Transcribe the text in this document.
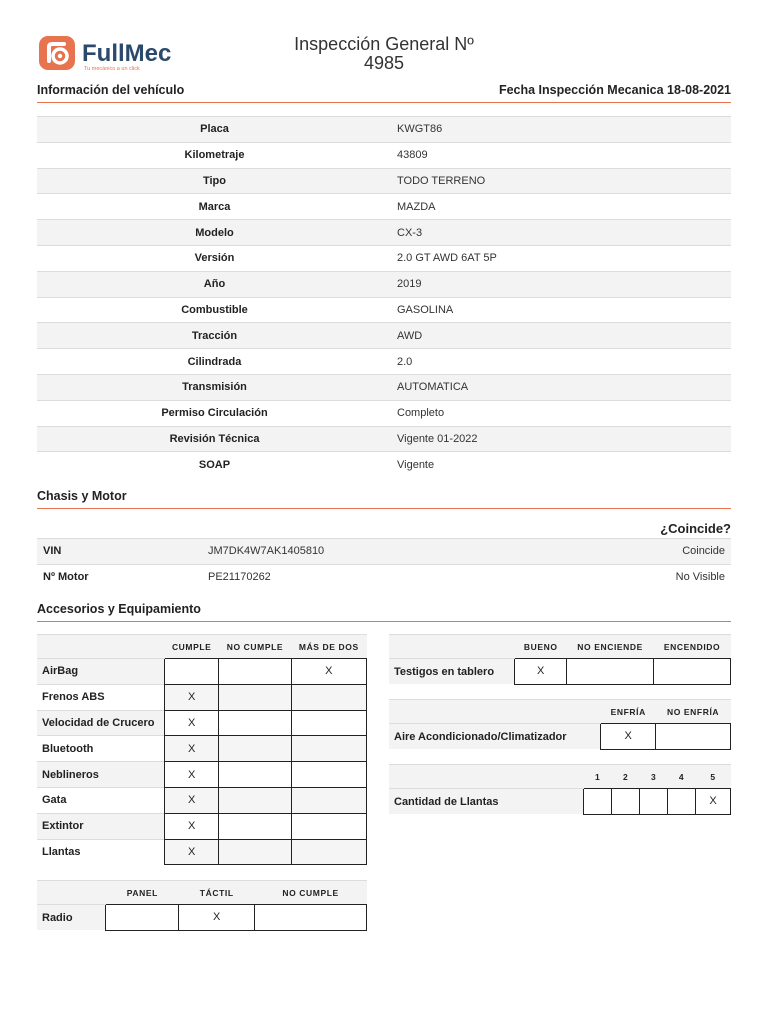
FullMec
Tu mecánico a un click
Inspección General Nº
4985
Información del vehículo	Fecha Inspección Mecanica 18-08-2021
Placa	KWGT86
Kilometraje	43809
Tipo	TODO TERRENO
Marca	MAZDA
Modelo	CX-3
Versión	2.0 GT AWD 6AT 5P
Año	2019
Combustible	GASOLINA
Tracción	AWD
Cilindrada	2.0
Transmisión	AUTOMATICA
Permiso Circulación	Completo
Revisión Técnica	Vigente 01-2022
SOAP	Vigente
Chasis y Motor
¿Coincide?
VIN	JM7DK4W7AK1405810	Coincide
Nº Motor	PE21170262	No Visible
Accesorios y Equipamiento
	CUMPLE	NO CUMPLE	MÁS DE DOS
AirBag			X
Frenos ABS	X		
Velocidad de Crucero	X		
Bluetooth	X		
Neblineros	X		
Gata	X		
Extintor	X		
Llantas	X		
	PANEL	TÁCTIL	NO CUMPLE
Radio		X	
	BUENO	NO ENCIENDE	ENCENDIDO
Testigos en tablero	X		
	ENFRÍA	NO ENFRÍA
Aire Acondicionado/Climatizador	X	
	1	2	3	4	5
Cantidad de Llantas					X
